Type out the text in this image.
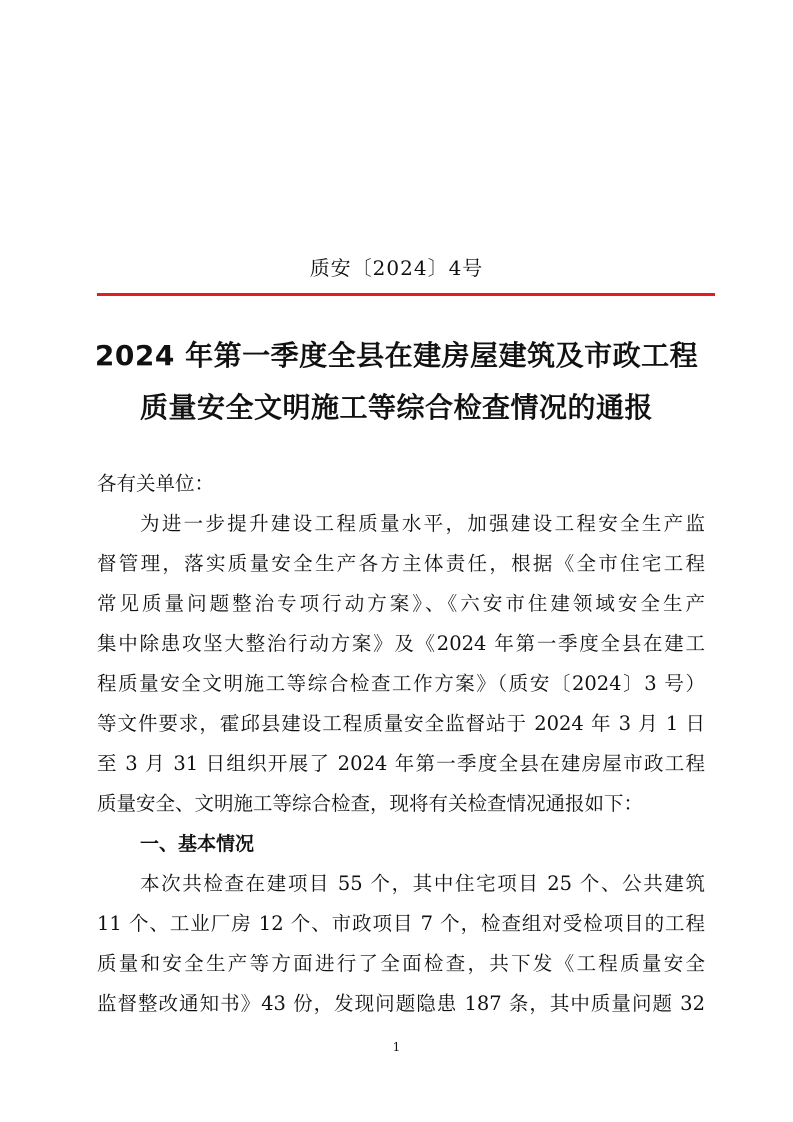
质安〔2024〕4号
2024 年第一季度全县在建房屋建筑及市政工程
质量安全文明施工等综合检查情况的通报
各有关单位：
为进一步提升建设工程质量水平，加强建设工程安全生产监
督管理，落实质量安全生产各方主体责任，根据《全市住宅工程
常见质量问题整治专项行动方案》、《六安市住建领域安全生产
集中除患攻坚大整治行动方案》及《2024 年第一季度全县在建工
程质量安全文明施工等综合检查工作方案》（质安〔2024〕3 号）
等文件要求，霍邱县建设工程质量安全监督站于 2024 年 3 月 1 日
至 3 月 31 日组织开展了 2024 年第一季度全县在建房屋市政工程
质量安全、文明施工等综合检查，现将有关检查情况通报如下：
一、基本情况
本次共检查在建项目 55 个，其中住宅项目 25 个、公共建筑
11 个、工业厂房 12 个、市政项目 7 个，检查组对受检项目的工程
质量和安全生产等方面进行了全面检查，共下发《工程质量安全
监督整改通知书》43 份，发现问题隐患 187 条，其中质量问题 32
1
